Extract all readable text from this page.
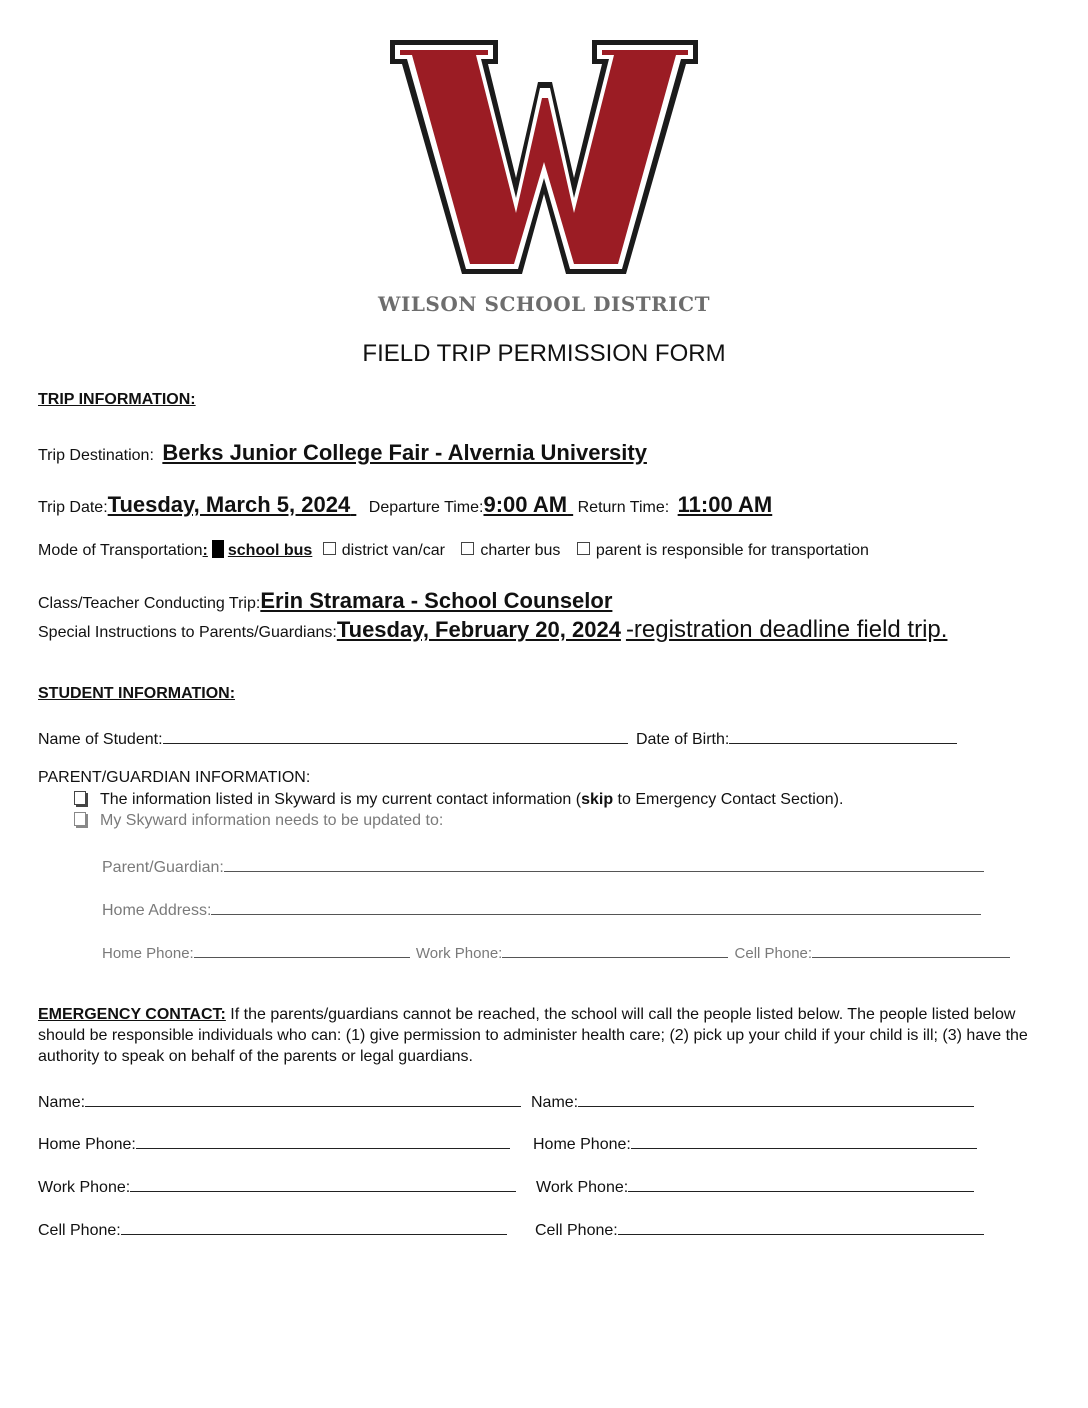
WILSON SCHOOL DISTRICT
FIELD TRIP PERMISSION FORM
TRIP INFORMATION:
Trip Destination: Berks Junior College Fair - Alvernia University
Trip Date:Tuesday, March 5, 2024 Departure Time:9:00 AM Return Time: 11:00 AM
Mode of Transportation: school bus district van/car charter bus parent is responsible for transportation
Class/Teacher Conducting Trip:Erin Stramara - School Counselor
Special Instructions to Parents/Guardians:Tuesday, February 20, 2024 -registration deadline field trip.
STUDENT INFORMATION:
Name of Student:	Date of Birth:
PARENT/GUARDIAN INFORMATION:
The information listed in Skyward is my current contact information (skip to Emergency Contact Section).
My Skyward information needs to be updated to:
Parent/Guardian:
Home Address:
Home Phone:	Work Phone:	Cell Phone:
EMERGENCY CONTACT: If the parents/guardians cannot be reached, the school will call the people listed below. The people listed below should be responsible individuals who can: (1) give permission to administer health care; (2) pick up your child if your child is ill; (3) have the authority to speak on behalf of the parents or legal guardians.
Name:	Name:
Home Phone:	Home Phone:
Work Phone:	Work Phone:
Cell Phone:	Cell Phone:
